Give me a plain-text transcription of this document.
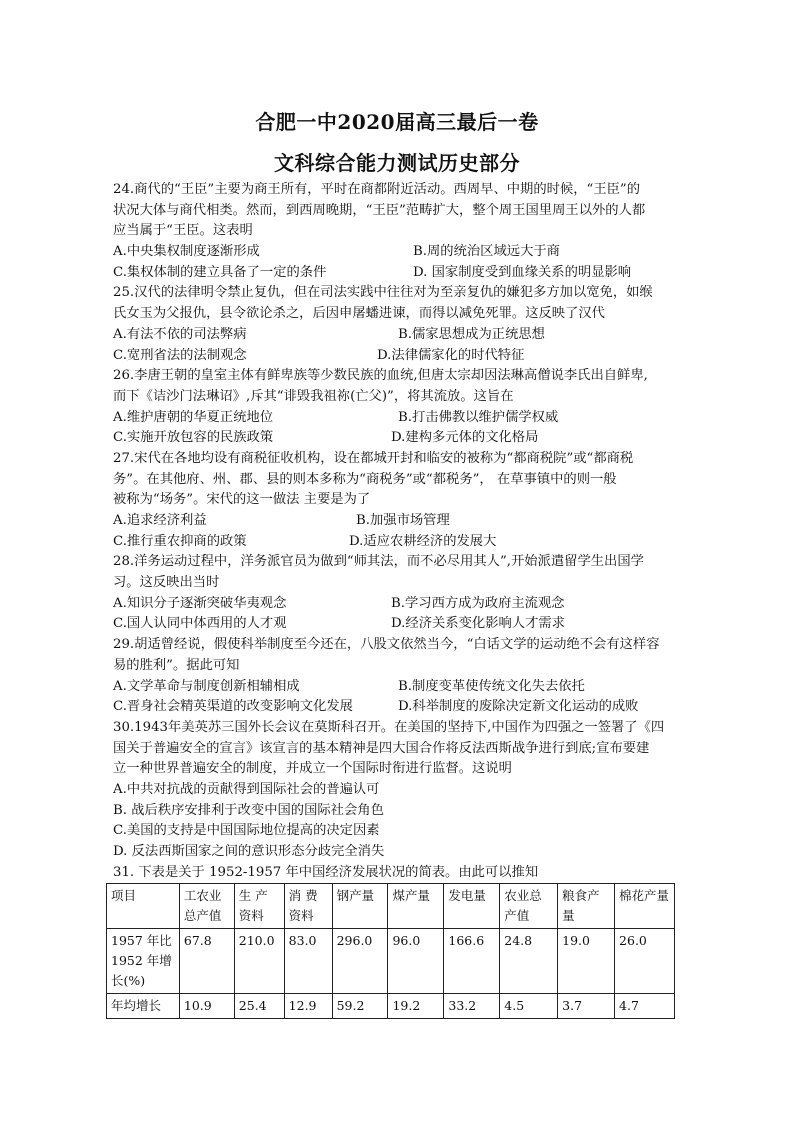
合肥一中2020届高三最后一卷
文科综合能力测试历史部分
24.商代的“王臣”主要为商王所有，平时在商都附近活动。西周早、中期的时候，“王臣”的
状况大体与商代相类。然而，到西周晚期，“王臣”范畴扩大，整个周王国里周王以外的人都
应当属于“王臣。这表明
A.中央集权制度逐渐形成	B.周的统治区域远大于商
C.集权体制的建立具备了一定的条件	D. 国家制度受到血缘关系的明显影响
25.汉代的法律明令禁止复仇，但在司法实践中往往对为至亲复仇的嫌犯多方加以宽免，如缑
氏女玉为父报仇，县令欲论杀之，后因申屠蟠进谏，而得以减免死罪。这反映了汉代
A.有法不依的司法弊病	B.儒家思想成为正统思想
C.宽刑省法的法制观念	D.法律儒家化的时代特征
26.李唐王朝的皇室主体有鲜卑族等少数民族的血统,但唐太宗却因法琳高僧说李氏出自鲜卑,
而下《诘沙门法琳诏》,斥其“诽毁我祖祢(亡父)”，将其流放。这旨在
A.维护唐朝的华夏正统地位	B.打击佛教以维护儒学权威
C.实施开放包容的民族政策	D.建构多元体的文化格局
27.宋代在各地均设有商税征收机构，设在都城开封和临安的被称为“都商税院”或“都商税
务”。在其他府、州、郡、县的则本多称为“商税务”或“都税务”， 在草事镇中的则一般
被称为“场务”。宋代的这一做法 主要是为了
A.追求经济利益	B.加强市场管理
C.推行重农抑商的政策	D.适应农耕经济的发展大
28.洋务运动过程中，洋务派官员为做到“师其法，而不必尽用其人”,开始派遣留学生出国学
习。这反映出当时
A.知识分子逐渐突破华夷观念	B.学习西方成为政府主流观念
C.国人认同中体西用的人才观	D.经济关系变化影响人才需求
29.胡适曾经说，假使科举制度至今还在，八股文依然当今，“白话文学的运动绝不会有这样容
易的胜利”。据此可知
A.文学革命与制度创新相辅相成	B.制度变革使传统文化失去依托
C.晋身社会精英渠道的改变影响文化发展	D.科举制度的废除决定新文化运动的成败
30.1943年美英苏三国外长会议在莫斯科召开。在美国的坚持下,中国作为四强之一签署了《四
国关于普遍安全的宣言》该宣言的基本精神是四大国合作将反法西斯战争进行到底;宣布要建
立一种世界普遍安全的制度，并成立一个国际时衔进行监督。这说明
A.中共对抗战的贡献得到国际社会的普遍认可
B. 战后秩序安排利于改变中国的国际社会角色
C.美国的支持是中国国际地位提高的决定因素
D. 反法西斯国家之间的意识形态分歧完全消失
31. 下表是关于 1952-1957 年中国经济发展状况的简表。由此可以推知
项目	工农业总产值	生 产资料	消 费资料	钢产量	煤产量	发电量	农业总产值	粮食产量	棉花产量
1957 年比 1952 年增长(%)	67.8	210.0	83.0	296.0	96.0	166.6	24.8	19.0	26.0
年均增长	10.9	25.4	12.9	59.2	19.2	33.2	4.5	3.7	4.7
